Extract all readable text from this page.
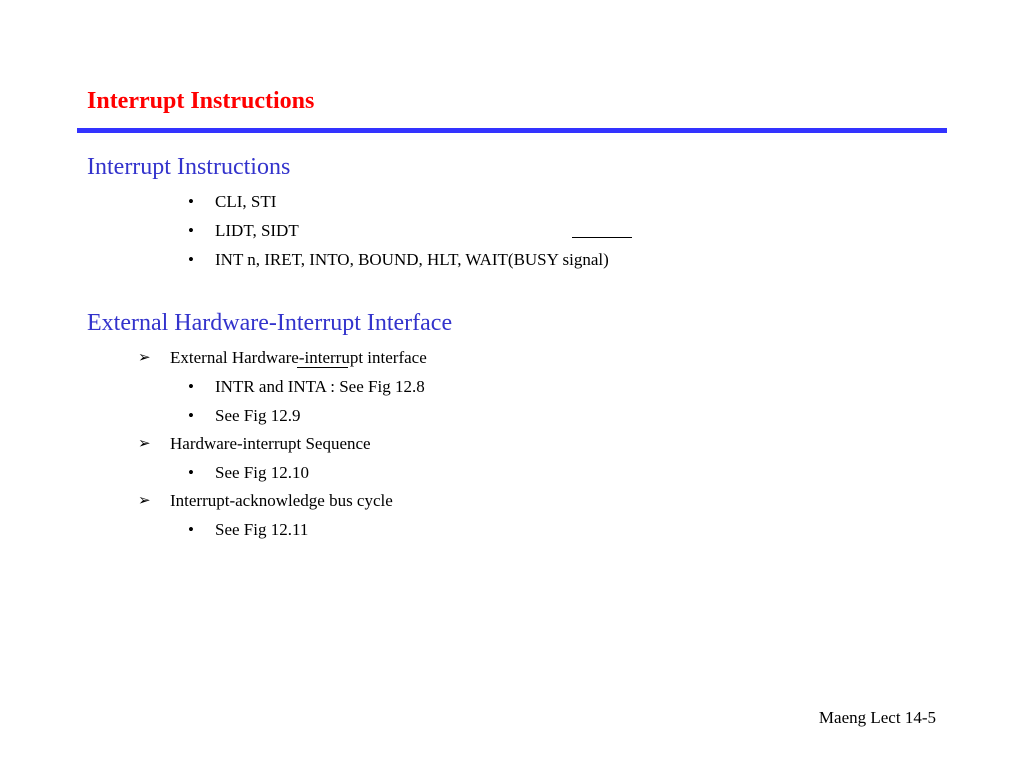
Interrupt Instructions
Interrupt Instructions
• CLI, STI
• LIDT, SIDT
• INT n, IRET, INTO, BOUND, HLT, WAIT(BUSY signal)
External Hardware-Interrupt Interface
➢ External Hardware-interrupt interface
• INTR and INTA : See Fig 12.8
• See Fig 12.9
➢ Hardware-interrupt Sequence
• See Fig 12.10
➢ Interrupt-acknowledge bus cycle
• See Fig 12.11
Maeng Lect 14-5
